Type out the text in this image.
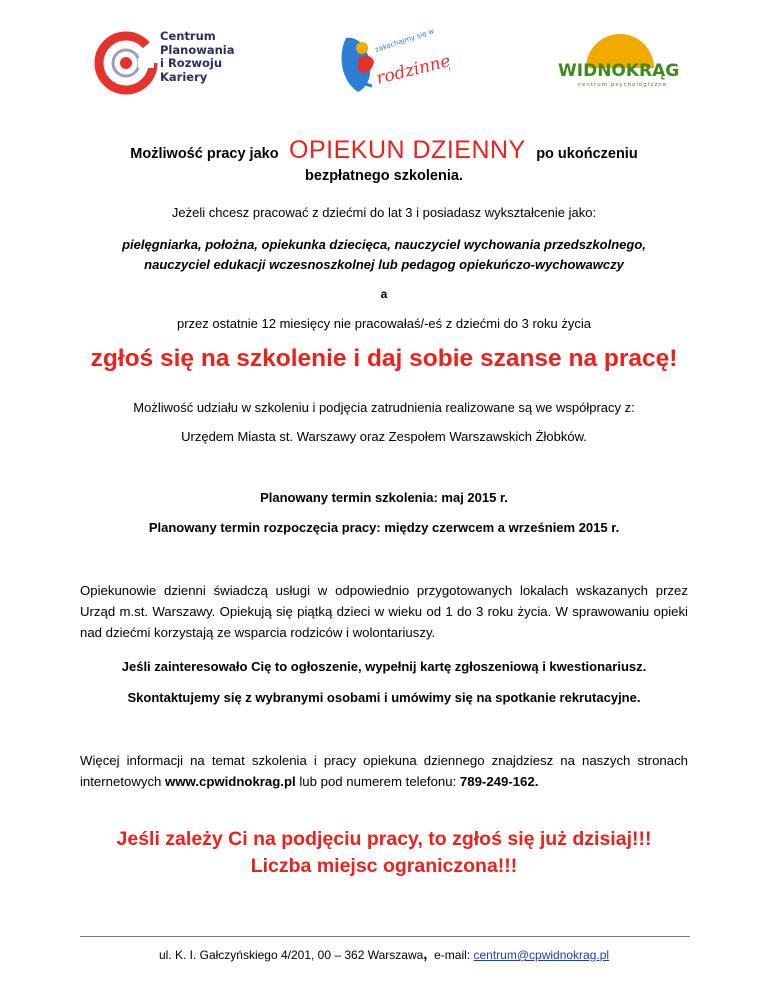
Centrum
Planowania
i Rozwoju
Kariery
zakochajmy się w
rodzinnej	WIDNOKRĄG
centrum psychologiczne
Możliwość pracy jako OPIEKUN DZIENNY po ukończeniu
bezpłatnego szkolenia.
Jeżeli chcesz pracować z dziećmi do lat 3 i posiadasz wykształcenie jako:
pielęgniarka, położna, opiekunka dziecięca, nauczyciel wychowania przedszkolnego,
nauczyciel edukacji wczesnoszkolnej lub pedagog opiekuńczo-wychowawczy
a
przez ostatnie 12 miesięcy nie pracowałaś/-eś z dziećmi do 3 roku życia
zgłoś się na szkolenie i daj sobie szanse na pracę!
Możliwość udziału w szkoleniu i podjęcia zatrudnienia realizowane są we współpracy z:
Urzędem Miasta st. Warszawy oraz Zespołem Warszawskich Żłobków.
Planowany termin szkolenia: maj 2015 r.
Planowany termin rozpoczęcia pracy: między czerwcem a wrześniem 2015 r.
Opiekunowie dzienni świadczą usługi w odpowiednio przygotowanych lokalach wskazanych przez Urząd m.st. Warszawy. Opiekują się piątką dzieci w wieku od 1 do 3 roku życia. W sprawowaniu opieki nad dziećmi korzystają ze wsparcia rodziców i wolontariuszy.
Jeśli zainteresowało Cię to ogłoszenie, wypełnij kartę zgłoszeniową i kwestionariusz.
Skontaktujemy się z wybranymi osobami i umówimy się na spotkanie rekrutacyjne.
Więcej informacji na temat szkolenia i pracy opiekuna dziennego znajdziesz na naszych stronach internetowych www.cpwidnokrag.pl lub pod numerem telefonu: 789-249-162.
Jeśli zależy Ci na podjęciu pracy, to zgłoś się już dzisiaj!!!
Liczba miejsc ograniczona!!!
ul. K. I. Gałczyńskiego 4/201, 00 – 362 Warszawa,  e-mail: centrum@cpwidnokrag.pl
